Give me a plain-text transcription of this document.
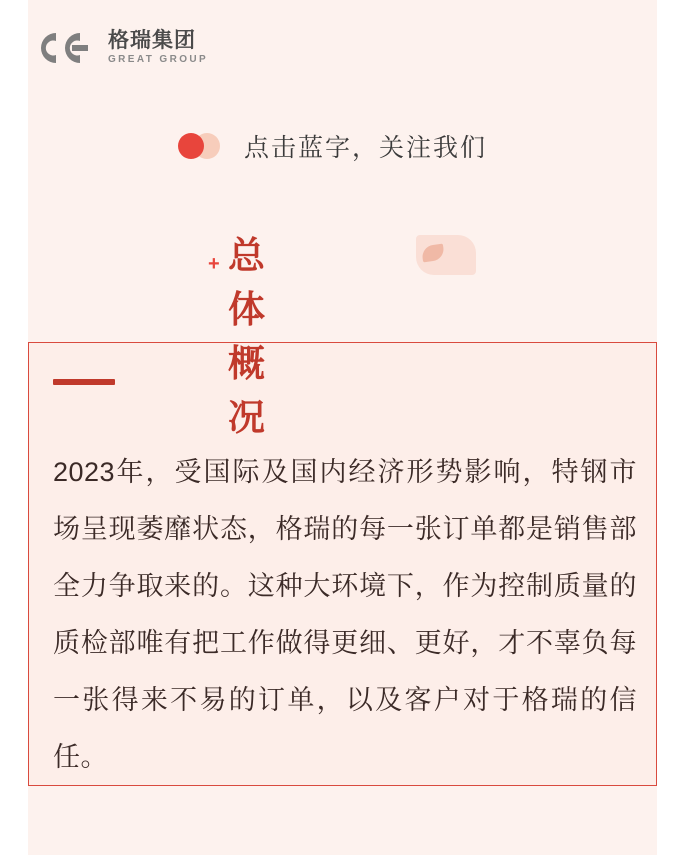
格瑞集团
GREAT GROUP
点击蓝字，关注我们
+ 总体概况

2023年，受国际及国内经济形势影响，特钢市场呈现萎靡状态，格瑞的每一张订单都是销售部全力争取来的。这种大环境下，作为控制质量的质检部唯有把工作做得更细、更好，才不辜负每一张得来不易的订单，以及客户对于格瑞的信任。
